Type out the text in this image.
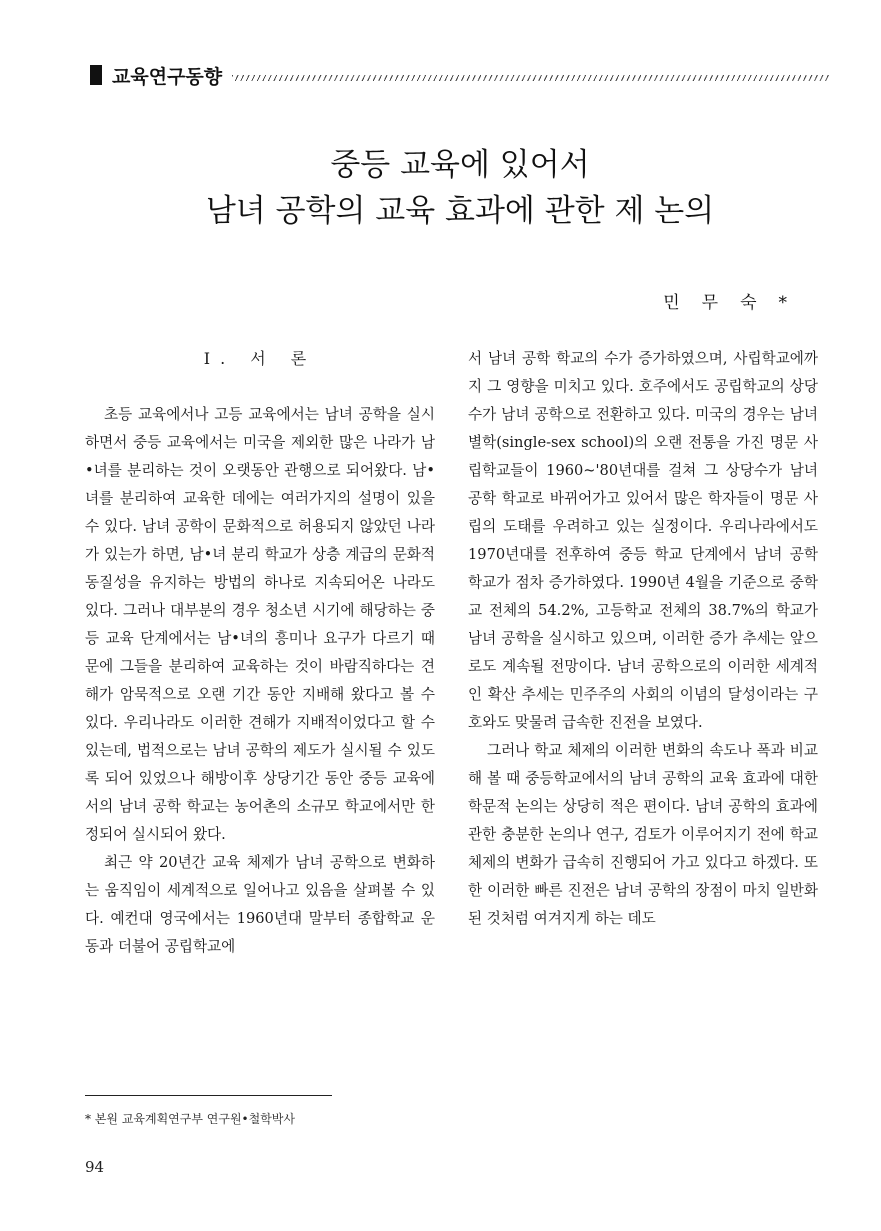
교육연구동향
중등 교육에 있어서
남녀 공학의 교육 효과에 관한 제 논의
민무숙*
I. 서 론

초등 교육에서나 고등 교육에서는 남녀 공학을 실시하면서 중등 교육에서는 미국을 제외한 많은 나라가 남•녀를 분리하는 것이 오랫동안 관행으로 되어왔다. 남•녀를 분리하여 교육한 데에는 여러가지의 설명이 있을 수 있다. 남녀 공학이 문화적으로 허용되지 않았던 나라가 있는가 하면, 남•녀 분리 학교가 상층 계급의 문화적 동질성을 유지하는 방법의 하나로 지속되어온 나라도 있다. 그러나 대부분의 경우 청소년 시기에 해당하는 중등 교육 단계에서는 남•녀의 흥미나 요구가 다르기 때문에 그들을 분리하여 교육하는 것이 바람직하다는 견해가 암묵적으로 오랜 기간 동안 지배해 왔다고 볼 수 있다. 우리나라도 이러한 견해가 지배적이었다고 할 수 있는데, 법적으로는 남녀 공학의 제도가 실시될 수 있도록 되어 있었으나 해방이후 상당기간 동안 중등 교육에서의 남녀 공학 학교는 농어촌의 소규모 학교에서만 한정되어 실시되어 왔다.

최근 약 20년간 교육 체제가 남녀 공학으로 변화하는 움직임이 세계적으로 일어나고 있음을 살펴볼 수 있다. 예컨대 영국에서는 1960년대 말부터 종합학교 운동과 더불어 공립학교에

서 남녀 공학 학교의 수가 증가하였으며, 사립학교에까지 그 영향을 미치고 있다. 호주에서도 공립학교의 상당수가 남녀 공학으로 전환하고 있다. 미국의 경우는 남녀 별학(single-sex school)의 오랜 전통을 가진 명문 사립학교들이 1960~'80년대를 걸쳐 그 상당수가 남녀 공학 학교로 바뀌어가고 있어서 많은 학자들이 명문 사립의 도태를 우려하고 있는 실정이다. 우리나라에서도 1970년대를 전후하여 중등 학교 단계에서 남녀 공학 학교가 점차 증가하였다. 1990년 4월을 기준으로 중학교 전체의 54.2%, 고등학교 전체의 38.7%의 학교가 남녀 공학을 실시하고 있으며, 이러한 증가 추세는 앞으로도 계속될 전망이다. 남녀 공학으로의 이러한 세계적인 확산 추세는 민주주의 사회의 이념의 달성이라는 구호와도 맞물려 급속한 진전을 보였다.

그러나 학교 체제의 이러한 변화의 속도나 폭과 비교해 볼 때 중등학교에서의 남녀 공학의 교육 효과에 대한 학문적 논의는 상당히 적은 편이다. 남녀 공학의 효과에 관한 충분한 논의나 연구, 검토가 이루어지기 전에 학교 체제의 변화가 급속히 진행되어 가고 있다고 하겠다. 또한 이러한 빠른 진전은 남녀 공학의 장점이 마치 일반화된 것처럼 여겨지게 하는 데도

* 본원 교육계획연구부 연구원•철학박사
94
